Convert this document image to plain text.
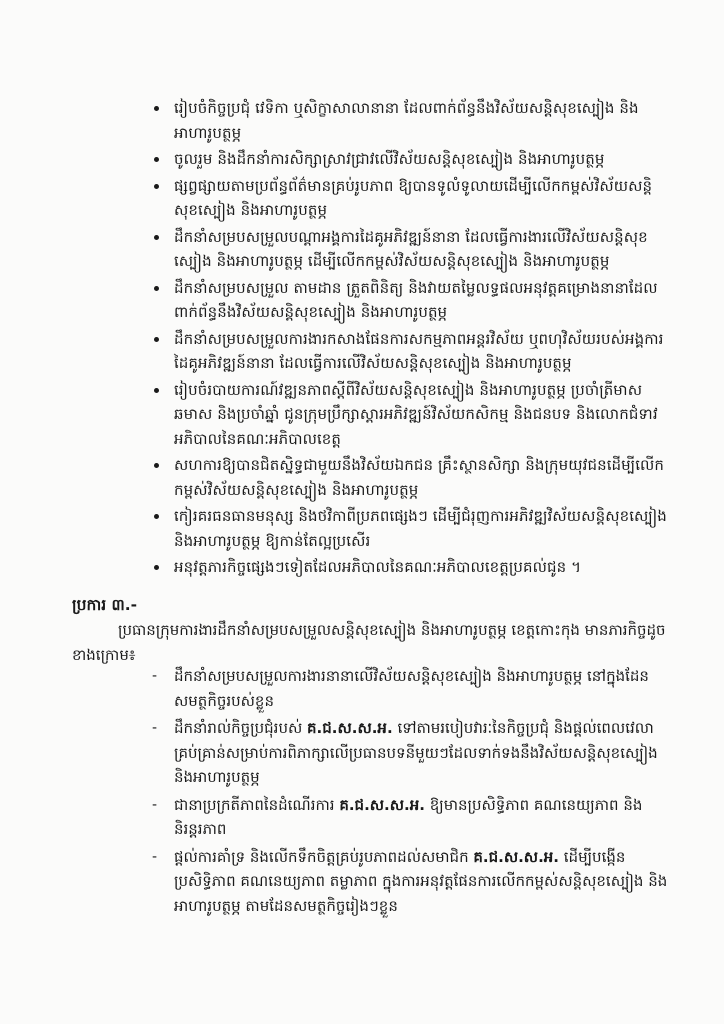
រៀបចំកិច្ចប្រជុំ វេទិកា ឬសិក្ខាសាលានានា ដែលពាក់ព័ន្ធនឹងវិស័យសន្តិសុខស្បៀង និងអាហារូបត្ថម្ភ
ចូលរួម និងដឹកនាំការសិក្សាស្រាវជ្រាវលើវិស័យសន្តិសុខស្បៀង និងអាហារូបត្ថម្ភ
ផ្សព្វផ្សាយតាមប្រព័ន្ធព័ត៌មានគ្រប់រូបភាព ឱ្យបានទូលំទូលាយដើម្បីលើកកម្ពស់វិស័យសន្តិសុខស្បៀង និងអាហារូបត្ថម្ភ
ដឹកនាំសម្របសម្រួលបណ្តាអង្គការដៃគូអភិវឌ្ឍន៍នានា ដែលធ្វើការងារលើវិស័យសន្តិសុខស្បៀង និងអាហារូបត្ថម្ភ ដើម្បីលើកកម្ពស់វិស័យសន្តិសុខស្បៀង និងអាហារូបត្ថម្ភ
ដឹកនាំសម្របសម្រួល តាមដាន ត្រួតពិនិត្យ និងវាយតម្លៃលទ្ធផលអនុវត្តគម្រោងនានាដែលពាក់ព័ន្ធនឹងវិស័យសន្តិសុខស្បៀង និងអាហារូបត្ថម្ភ
ដឹកនាំសម្របសម្រួលការងារកសាងផែនការសកម្មភាពអន្តរវិស័យ ឬពហុវិស័យរបស់អង្គការដៃគូអភិវឌ្ឍន៍នានា ដែលធ្វើការលើវិស័យសន្តិសុខស្បៀង និងអាហារូបត្ថម្ភ
រៀបចំរបាយការណ៍វឌ្ឍនភាពស្តីពីវិស័យសន្តិសុខស្បៀង និងអាហារូបត្ថម្ភ ប្រចាំត្រីមាស ឆមាស និងប្រចាំឆ្នាំ ជូនក្រុមប្រឹក្សាស្តារអភិវឌ្ឍន៍វិស័យកសិកម្ម និងជនបទ និងលោកជំទាវអភិបាលនៃគណៈអភិបាលខេត្ត
សហការឱ្យបានជិតស្និទ្ធជាមួយនឹងវិស័យឯកជន គ្រឹះស្ថានសិក្សា និងក្រុមយុវជនដើម្បីលើកកម្ពស់វិស័យសន្តិសុខស្បៀង និងអាហារូបត្ថម្ភ
កៀរគរធនធានមនុស្ស និងថវិកាពីប្រភពផ្សេងៗ ដើម្បីជំរុញការអភិវឌ្ឍវិស័យសន្តិសុខស្បៀង និងអាហារូបត្ថម្ភ ឱ្យកាន់តែល្អប្រសើរ
អនុវត្តភារកិច្ចផ្សេងៗទៀតដែលអភិបាលនៃគណៈអភិបាលខេត្តប្រគល់ជូន ។

ប្រការ ៣.-

ប្រធានក្រុមការងារដឹកនាំសម្របសម្រួលសន្តិសុខស្បៀង និងអាហារូបត្ថម្ភ ខេត្តកោះកុង មានភារកិច្ចដូចខាងក្រោម៖

- ដឹកនាំសម្របសម្រួលការងារនានាលើវិស័យសន្តិសុខស្បៀង និងអាហារូបត្ថម្ភ នៅក្នុងដែនសមត្ថកិច្ចរបស់ខ្លួន
- ដឹកនាំរាល់កិច្ចប្រជុំរបស់ គ.ជ.ស.ស.អ. ទៅតាមរបៀបវារៈនៃកិច្ចប្រជុំ និងផ្តល់ពេលវេលាគ្រប់គ្រាន់សម្រាប់ការពិភាក្សាលើប្រធានបទនីមួយៗដែលទាក់ទងនឹងវិស័យសន្តិសុខស្បៀង និងអាហារូបត្ថម្ភ
- ជានាប្រក្រតីភាពនៃដំណើរការ គ.ជ.ស.ស.អ. ឱ្យមានប្រសិទ្ធិភាព គណនេយ្យភាព និងនិរន្តរភាព
- ផ្តល់ការគាំទ្រ និងលើកទឹកចិត្តគ្រប់រូបភាពដល់សមាជិក គ.ជ.ស.ស.អ. ដើម្បីបង្កើនប្រសិទ្ធិភាព គណនេយ្យភាព តម្លាភាព ក្នុងការអនុវត្តផែនការលើកកម្ពស់សន្តិសុខស្បៀង និងអាហារូបត្ថម្ភ តាមដែនសមត្ថកិច្ចរៀងៗខ្លួន
